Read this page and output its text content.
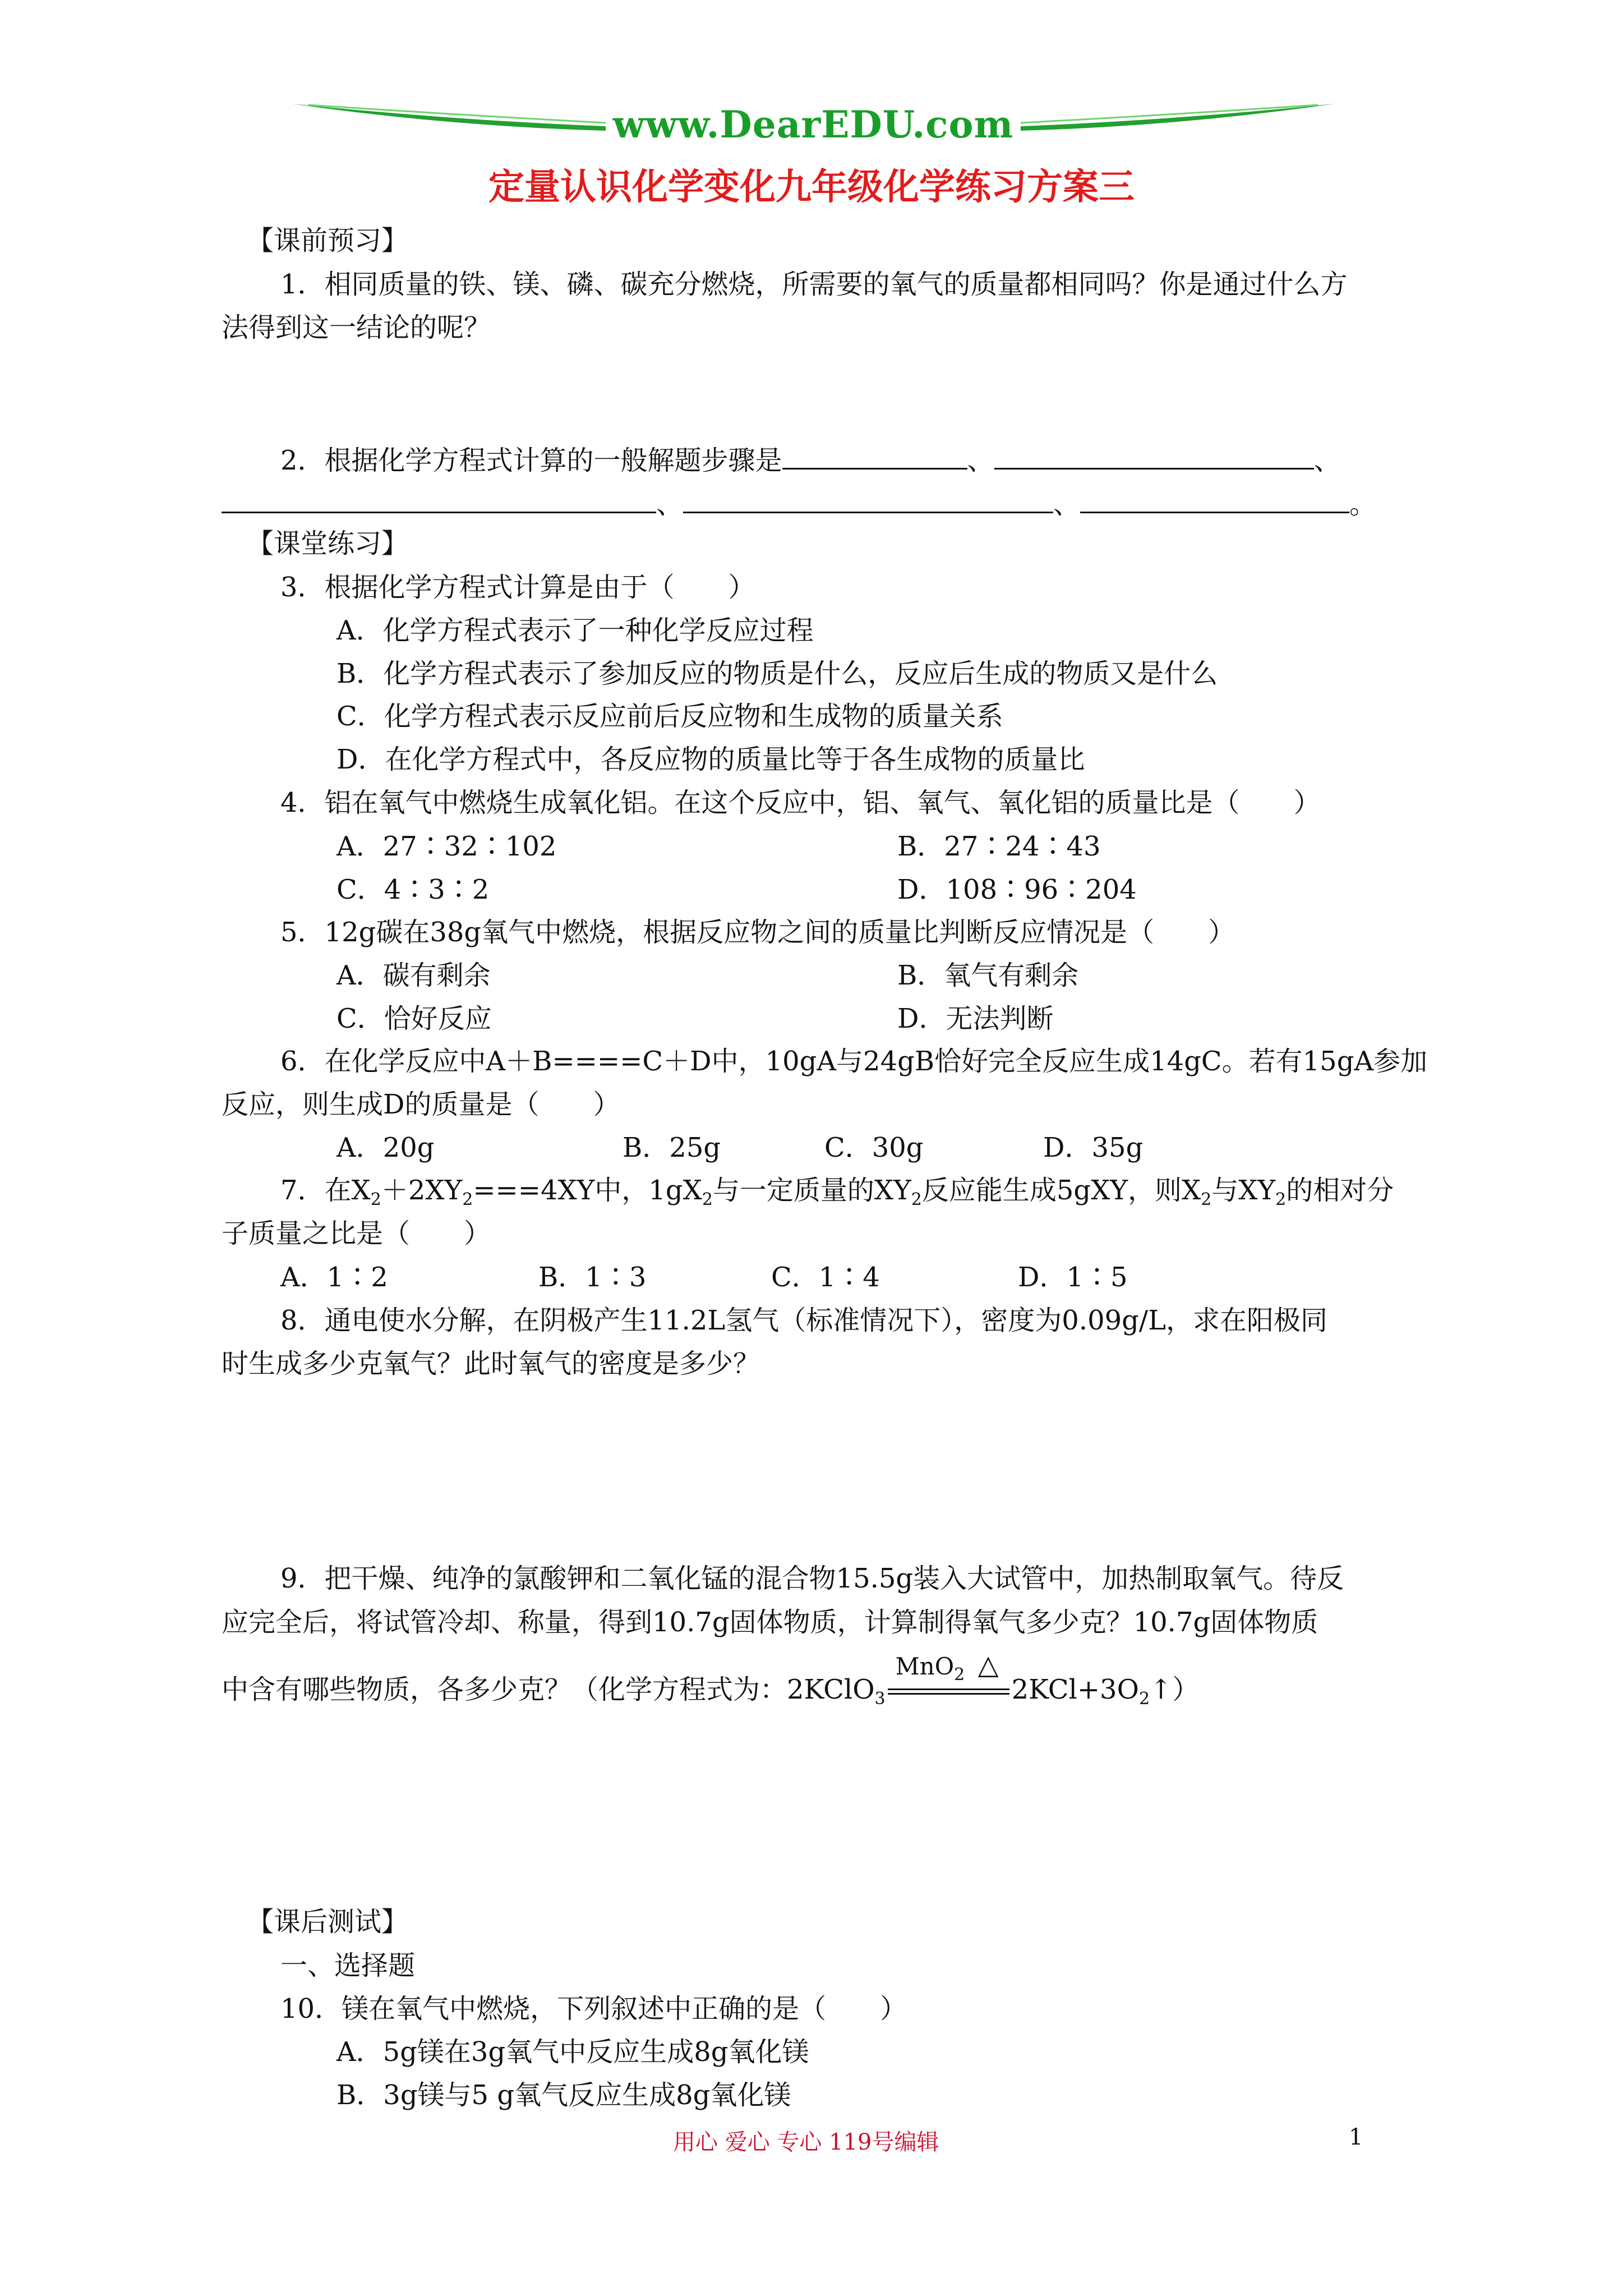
www.DearEDU.com
定量认识化学变化九年级化学练习方案三
【课前预习】
1．相同质量的铁、镁、磷、碳充分燃烧，所需要的氧气的质量都相同吗？你是通过什么方
法得到这一结论的呢？
2．根据化学方程式计算的一般解题步骤是	、	、
、	、	。
【课堂练习】
3．根据化学方程式计算是由于（　　）
A．化学方程式表示了一种化学反应过程
B．化学方程式表示了参加反应的物质是什么，反应后生成的物质又是什么
C．化学方程式表示反应前后反应物和生成物的质量关系
D．在化学方程式中，各反应物的质量比等于各生成物的质量比
4．铝在氧气中燃烧生成氧化铝。在这个反应中，铝、氧气、氧化铝的质量比是（　　）
A．27∶32∶102	B．27∶24∶43
C．4∶3∶2	D．108∶96∶204
5．12g碳在38g氧气中燃烧，根据反应物之间的质量比判断反应情况是（　　）
A．碳有剩余	B．氧气有剩余
C．恰好反应	D．无法判断
6．在化学反应中A＋B====C＋D中，10gA与24gB恰好完全反应生成14gC。若有15gA参加
反应，则生成D的质量是（　　）
A．20g	B．25g	C．30g	D．35g
7．在$X_2+2XY_2===4XY$中，$1gX_2$与一定质量的$XY_2$反应能生成5gXY，则$X_2$与$XY_2$的相对分
子质量之比是（　　）
A．1∶2	B．1∶3	C．1∶4	D．1∶5
8．通电使水分解，在阴极产生11.2L氢气（标准情况下），密度为0.09g/L，求在阳极同
时生成多少克氧气？此时氧气的密度是多少？
9．把干燥、纯净的氯酸钾和二氧化锰的混合物15.5g装入大试管中，加热制取氧气。待反
应完全后，将试管冷却、称量，得到10.7g固体物质，计算制得氧气多少克？10.7g固体物质
中含有哪些物质，各多少克？（化学方程式为：2KClO$_3$
MnO$_2$ △
$2KCl+3O_2↑$）
【课后测试】
一、选择题
10．镁在氧气中燃烧，下列叙述中正确的是（　　）
A．5g镁在3g氧气中反应生成8g氧化镁
B．3g镁与5 g氧气反应生成8g氧化镁
用心 爱心 专心 119号编辑	1
